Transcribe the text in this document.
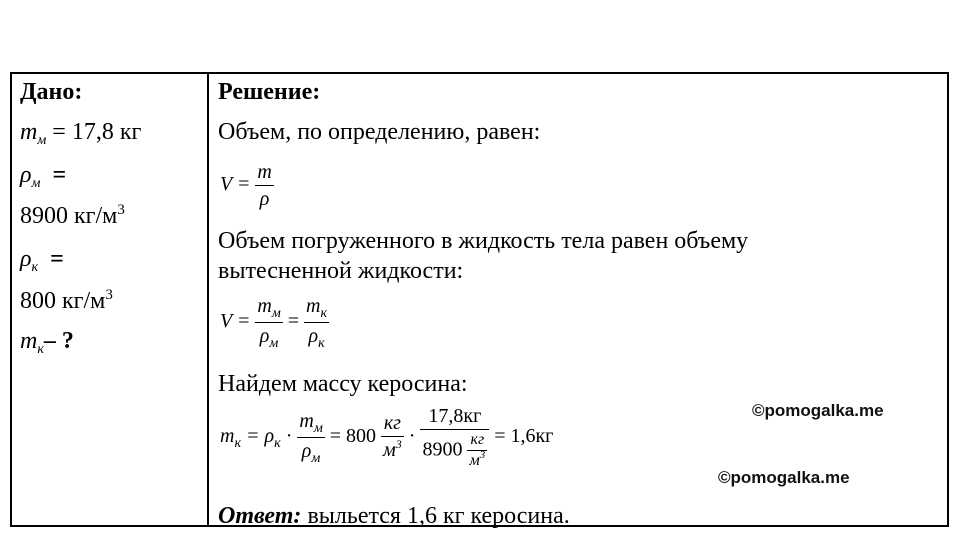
Дано:
$m_м = 17,8$ кг
$\rho_м$ =
8900 $кг/м^3$
$\rho_к$ =
800 $кг/м^3$
$m_к-$ ?
Решение:
Объем, по определению, равен:
$V = \frac{m}{\rho}$
Объем погруженного в жидкость тела равен объему
вытесненной жидкости:
$V = \frac{m_м}{\rho_м} = \frac{m_к}{\rho_к}$
Найдем массу керосина:
$m_к = \rho_к \cdot \frac{m_м}{\rho_м} = 800 \frac{кг}{м^3} \cdot \frac{17,8кг}{8900 \frac{кг}{м^3}} = 1,6кг$
Ответ: выльется 1,6 кг керосина.
©pomogalka.me
©pomogalka.me
